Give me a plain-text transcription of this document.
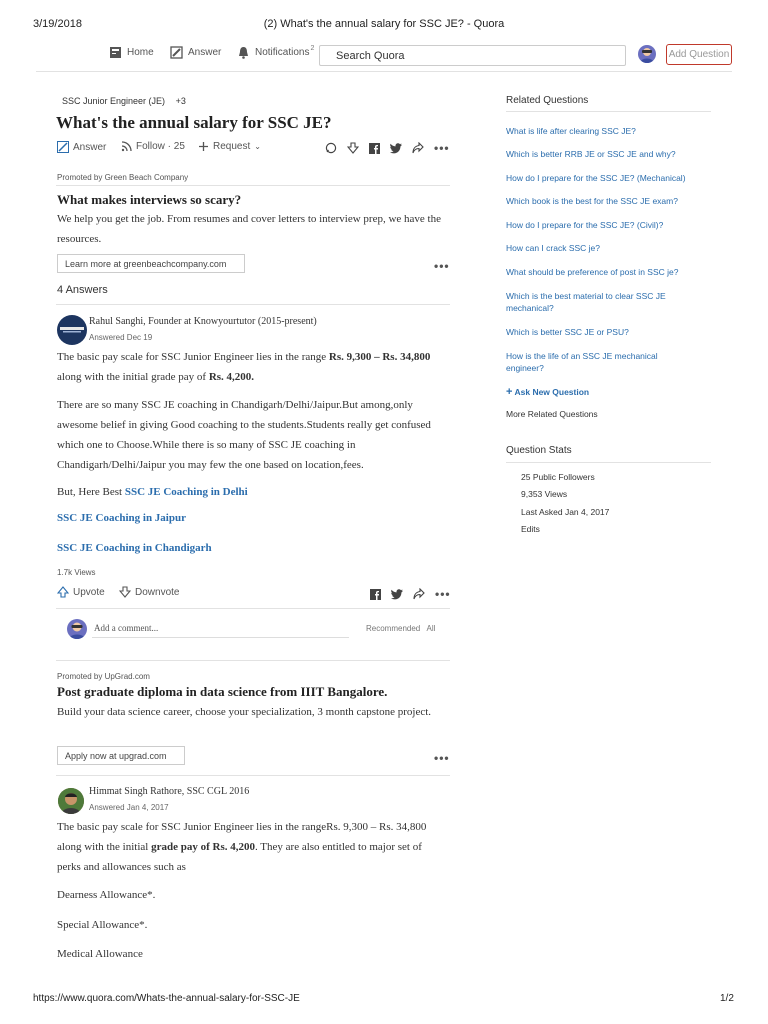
3/19/2018	(2) What's the annual salary for SSC JE? - Quora
Home	Answer	Notifications 2
Search Quora	Add Question
SSC Junior Engineer (JE) +3
What's the annual salary for SSC JE?
Answer	Follow · 25	Request ⌄	•••
Promoted by Green Beach Company
What makes interviews so scary?
We help you get the job. From resumes and cover letters to interview prep, we have the resources.
Learn more at greenbeachcompany.com	•••
4 Answers
Rahul Sanghi, Founder at Knowyourtutor (2015-present)
Answered Dec 19
The basic pay scale for SSC Junior Engineer lies in the range Rs. 9,300 – Rs. 34,800 along with the initial grade pay of Rs. 4,200.
There are so many SSC JE coaching in Chandigarh/Delhi/Jaipur.But among,only awesome belief in giving Good coaching to the students.Students really get confused which one to Choose.While there is so many of SSC JE coaching in Chandigarh/Delhi/Jaipur you may few the one based on location,fees.
But, Here Best SSC JE Coaching in Delhi
SSC JE Coaching in Jaipur
SSC JE Coaching in Chandigarh
1.7k Views
Upvote	Downvote	•••
Add a comment...	Recommended All
Promoted by UpGrad.com
Post graduate diploma in data science from IIIT Bangalore.
Build your data science career, choose your specialization, 3 month capstone project.
Apply now at upgrad.com	•••
Himmat Singh Rathore, SSC CGL 2016
Answered Jan 4, 2017
The basic pay scale for SSC Junior Engineer lies in the rangeRs. 9,300 – Rs. 34,800 along with the initial grade pay of Rs. 4,200. They are also entitled to major set of perks and allowances such as
Dearness Allowance*.
Special Allowance*.
Medical Allowance
Related Questions
What is life after clearing SSC JE?
Which is better RRB JE or SSC JE and why?
How do I prepare for the SSC JE? (Mechanical)
Which book is the best for the SSC JE exam?
How do I prepare for the SSC JE? (Civil)?
How can I crack SSC je?
What should be preference of post in SSC je?
Which is the best material to clear SSC JE mechanical?
Which is better SSC JE or PSU?
How is the life of an SSC JE mechanical engineer?
+ Ask New Question
More Related Questions
Question Stats
25 Public Followers
9,353 Views
Last Asked Jan 4, 2017
Edits
https://www.quora.com/Whats-the-annual-salary-for-SSC-JE	1/2
